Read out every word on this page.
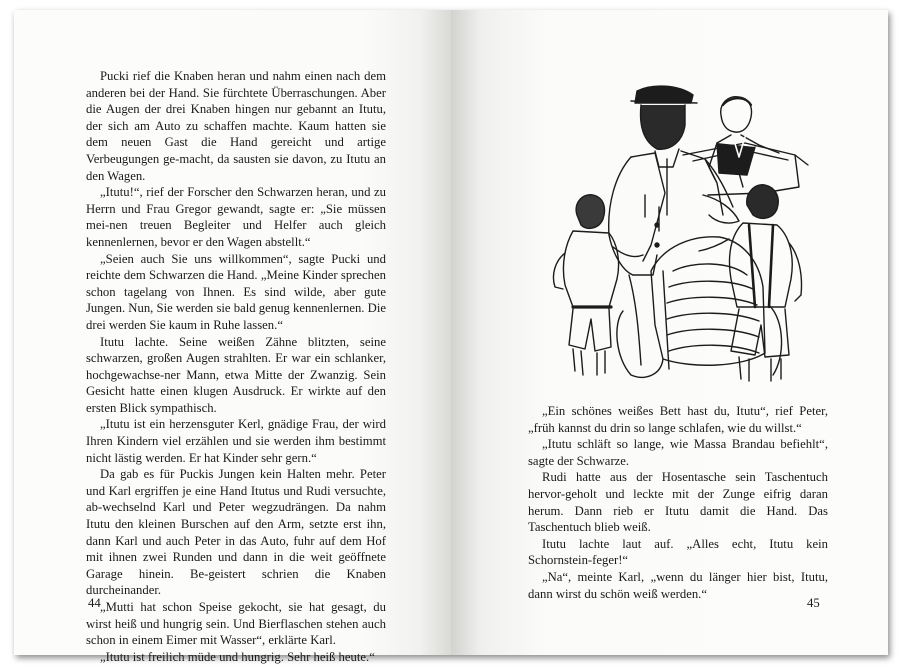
Pucki rief die Knaben heran und nahm einen nach dem anderen bei der Hand. Sie fürchtete Überraschungen. Aber die Augen der drei Knaben hingen nur gebannt an Itutu, der sich am Auto zu schaffen machte. Kaum hatten sie dem neuen Gast die Hand gereicht und artige Verbeugungen ge-macht, da sausten sie davon, zu Itutu an den Wagen.

„Itutu!“, rief der Forscher den Schwarzen heran, und zu Herrn und Frau Gregor gewandt, sagte er: „Sie müssen mei-nen treuen Begleiter und Helfer auch gleich kennenlernen, bevor er den Wagen abstellt.“

„Seien auch Sie uns willkommen“, sagte Pucki und reichte dem Schwarzen die Hand. „Meine Kinder sprechen schon tagelang von Ihnen. Es sind wilde, aber gute Jungen. Nun, Sie werden sie bald genug kennenlernen. Die drei werden Sie kaum in Ruhe lassen.“

Itutu lachte. Seine weißen Zähne blitzten, seine schwarzen, großen Augen strahlten. Er war ein schlanker, hochgewachse-ner Mann, etwa Mitte der Zwanzig. Sein Gesicht hatte einen klugen Ausdruck. Er wirkte auf den ersten Blick sympathisch.

„Itutu ist ein herzensguter Kerl, gnädige Frau, der wird Ihren Kindern viel erzählen und sie werden ihm bestimmt nicht lästig werden. Er hat Kinder sehr gern.“

Da gab es für Puckis Jungen kein Halten mehr. Peter und Karl ergriffen je eine Hand Itutus und Rudi versuchte, ab-wechselnd Karl und Peter wegzudrängen. Da nahm Itutu den kleinen Burschen auf den Arm, setzte erst ihn, dann Karl und auch Peter in das Auto, fuhr auf dem Hof mit ihnen zwei Runden und dann in die weit geöffnete Garage hinein. Be-geistert schrien die Knaben durcheinander.

„Mutti hat schon Speise gekocht, sie hat gesagt, du wirst heiß und hungrig sein. Und Bierflaschen stehen auch schon in einem Eimer mit Wasser“, erklärte Karl.

„Itutu ist freilich müde und hungrig. Sehr heiß heute.“

44

„Ein schönes weißes Bett hast du, Itutu“, rief Peter, „früh kannst du drin so lange schlafen, wie du willst.“

„Itutu schläft so lange, wie Massa Brandau befiehlt“, sagte der Schwarze.

Rudi hatte aus der Hosentasche sein Taschentuch hervor-geholt und leckte mit der Zunge eifrig daran herum. Dann rieb er Itutu damit die Hand. Das Taschentuch blieb weiß.

Itutu lachte laut auf. „Alles echt, Itutu kein Schornstein-feger!“

„Na“, meinte Karl, „wenn du länger hier bist, Itutu, dann wirst du schön weiß werden.“

45
